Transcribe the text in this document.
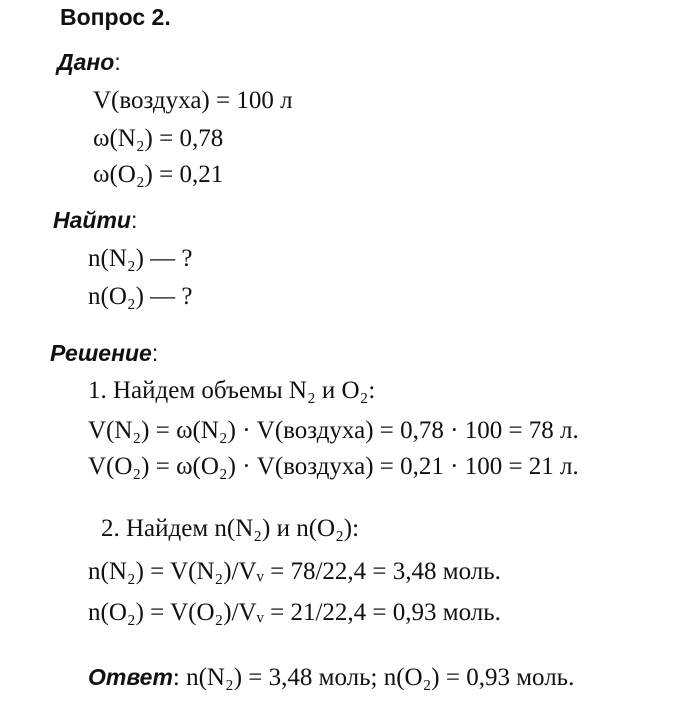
Вопрос 2.
Дано:
V(воздуха) = 100 л
ω(N₂) = 0,78
ω(O₂) = 0,21
Найти:
n(N₂) — ?
n(O₂) — ?
Решение:
1. Найдем объемы N₂ и O₂:
V(N₂) = ω(N₂) · V(воздуха) = 0,78 · 100 = 78 л.
V(O₂) = ω(O₂) · V(воздуха) = 0,21 · 100 = 21 л.
2. Найдем n(N₂) и n(O₂):
n(N₂) = V(N₂)/Vᵥ = 78/22,4 = 3,48 моль.
n(O₂) = V(O₂)/Vᵥ = 21/22,4 = 0,93 моль.
Ответ: n(N₂) = 3,48 моль; n(O₂) = 0,93 моль.
